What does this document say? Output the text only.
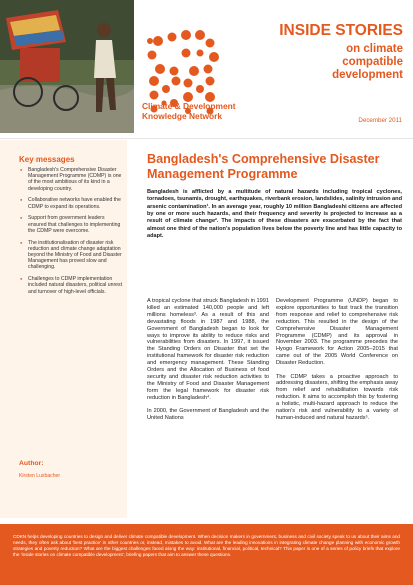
Climate & Development
Knowledge Network
INSIDE STORIES
on climate
compatible
development
December 2011
Key messages
● Bangladesh's Comprehensive Disaster Management Programme (CDMP) is one of the most ambitious of its kind in a developing country.
● Collaborative networks have enabled the CDMP to expand its operations.
● Support from government leaders ensured that challenges to implementing the CDMP were overcome.
● The institutionalisation of disaster risk reduction and climate change adaptation beyond the Ministry of Food and Disaster Management has proved slow and challenging.
● Challenges to CDMP implementation included natural disasters, political unrest and turnover of high-level officials.
Author:
Kirsten Luxbacher
Bangladesh's Comprehensive Disaster Management Programme

Bangladesh is afflicted by a multitude of natural hazards including tropical cyclones, tornadoes, tsunamis, drought, earthquakes, riverbank erosion, landslides, salinity intrusion and arsenic contamination¹. In an average year, roughly 10 million Bangladeshi citizens are affected by one or more such hazards, and their frequency and severity is projected to increase as a result of climate change². The impacts of these disasters are exacerbated by the fact that almost one third of the nation's population lives below the poverty line and has little capacity to adapt.

A tropical cyclone that struck Bangladesh in 1991 killed an estimated 140,000 people and left millions homeless³. As a result of this and devastating floods in 1987 and 1988, the Government of Bangladesh began to look for ways to improve its ability to reduce risks and vulnerabilities from disasters. In 1997, it issued the Standing Orders on Disaster that set the institutional framework for disaster risk reduction and emergency management. These Standing Orders and the Allocation of Business of food security and disaster risk reduction activities to the Ministry of Food and Disaster Management form the legal framework for disaster risk reduction in Bangladesh⁴.

In 2000, the Government of Bangladesh and the United Nations

Development Programme (UNDP) began to explore opportunities to fast track the transition from response and relief to comprehensive risk reduction. This resulted in the design of the Comprehensive Disaster Management Programme (CDMP) and its approval in November 2003. The programme precedes the Hyogo Framework for Action 2005–2015 that came out of the 2005 World Conference on Disaster Reduction.

The CDMP takes a proactive approach to addressing disasters, shifting the emphasis away from relief and rehabilitation towards risk reduction. It aims to accomplish this by fostering a holistic, multi-hazard approach to reduce the nation's risk and vulnerability to a variety of human-induced and natural hazards⁵.

CDKN helps developing countries to design and deliver climate compatible development. When decision makers in government, business and civil society speak to us about their aims and needs, they often ask about 'best practice' in other countries or, instead, mistakes to avoid. What are the leading innovations in integrating climate change planning with economic growth strategies and poverty reduction? What are the biggest challenges faced along the way: institutional, financial, political, technical? This paper is one of a series of policy briefs that explore the 'inside stories on climate compatible development', briefing papers that aim to answer these questions.
